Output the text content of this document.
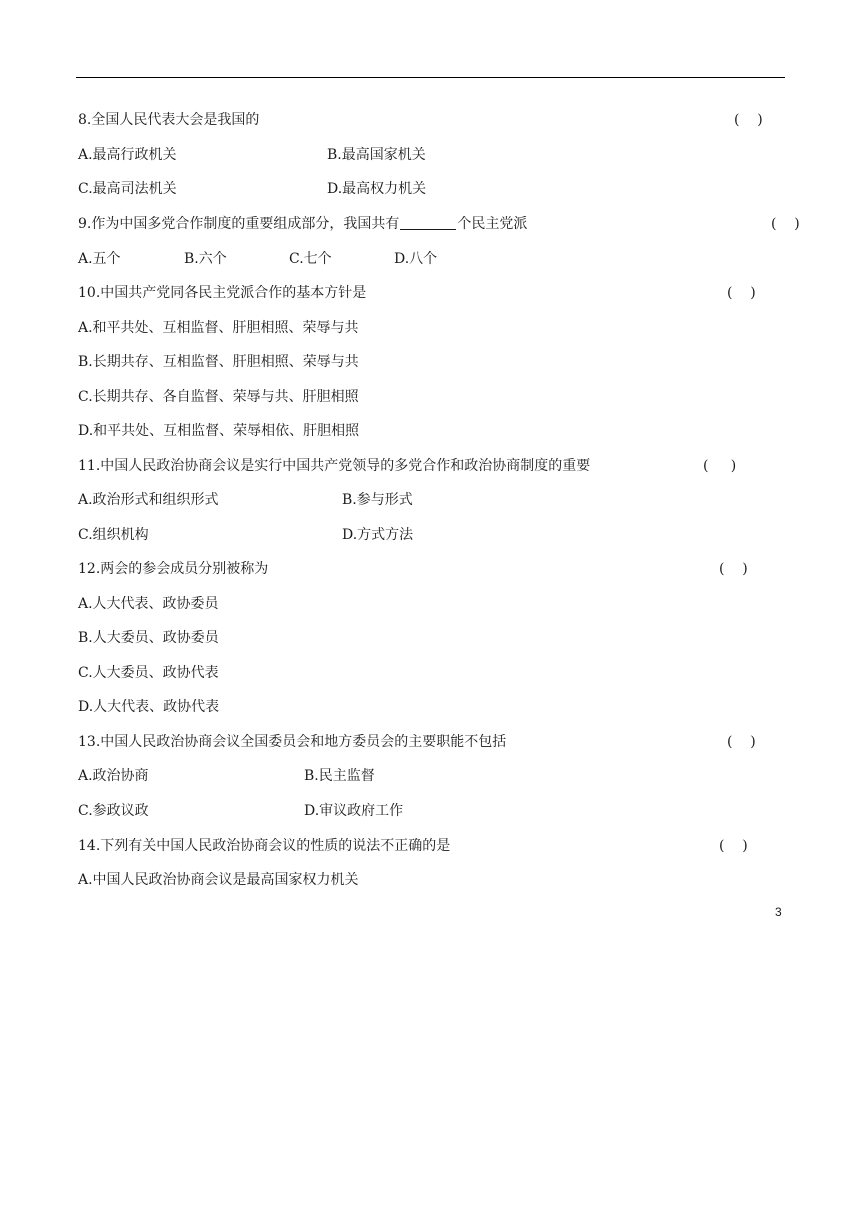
8.全国人民代表大会是我国的	(    )
A.最高行政机关	B.最高国家机关
C.最高司法机关	D.最高权力机关
9.作为中国多党合作制度的重要组成部分，我国共有	个民主党派	(    )
A.五个	B.六个	C.七个	D.八个
10.中国共产党同各民主党派合作的基本方针是	(    )
A.和平共处、互相监督、肝胆相照、荣辱与共
B.长期共存、互相监督、肝胆相照、荣辱与共
C.长期共存、各自监督、荣辱与共、肝胆相照
D.和平共处、互相监督、荣辱相依、肝胆相照
11.中国人民政治协商会议是实行中国共产党领导的多党合作和政治协商制度的重要	(     )
A.政治形式和组织形式	B.参与形式
C.组织机构	D.方式方法
12.两会的参会成员分别被称为	(    )
A.人大代表、政协委员
B.人大委员、政协委员
C.人大委员、政协代表
D.人大代表、政协代表
13.中国人民政治协商会议全国委员会和地方委员会的主要职能不包括	(    )
A.政治协商	B.民主监督
C.参政议政	D.审议政府工作
14.下列有关中国人民政治协商会议的性质的说法不正确的是	(    )
A.中国人民政治协商会议是最高国家权力机关
3
